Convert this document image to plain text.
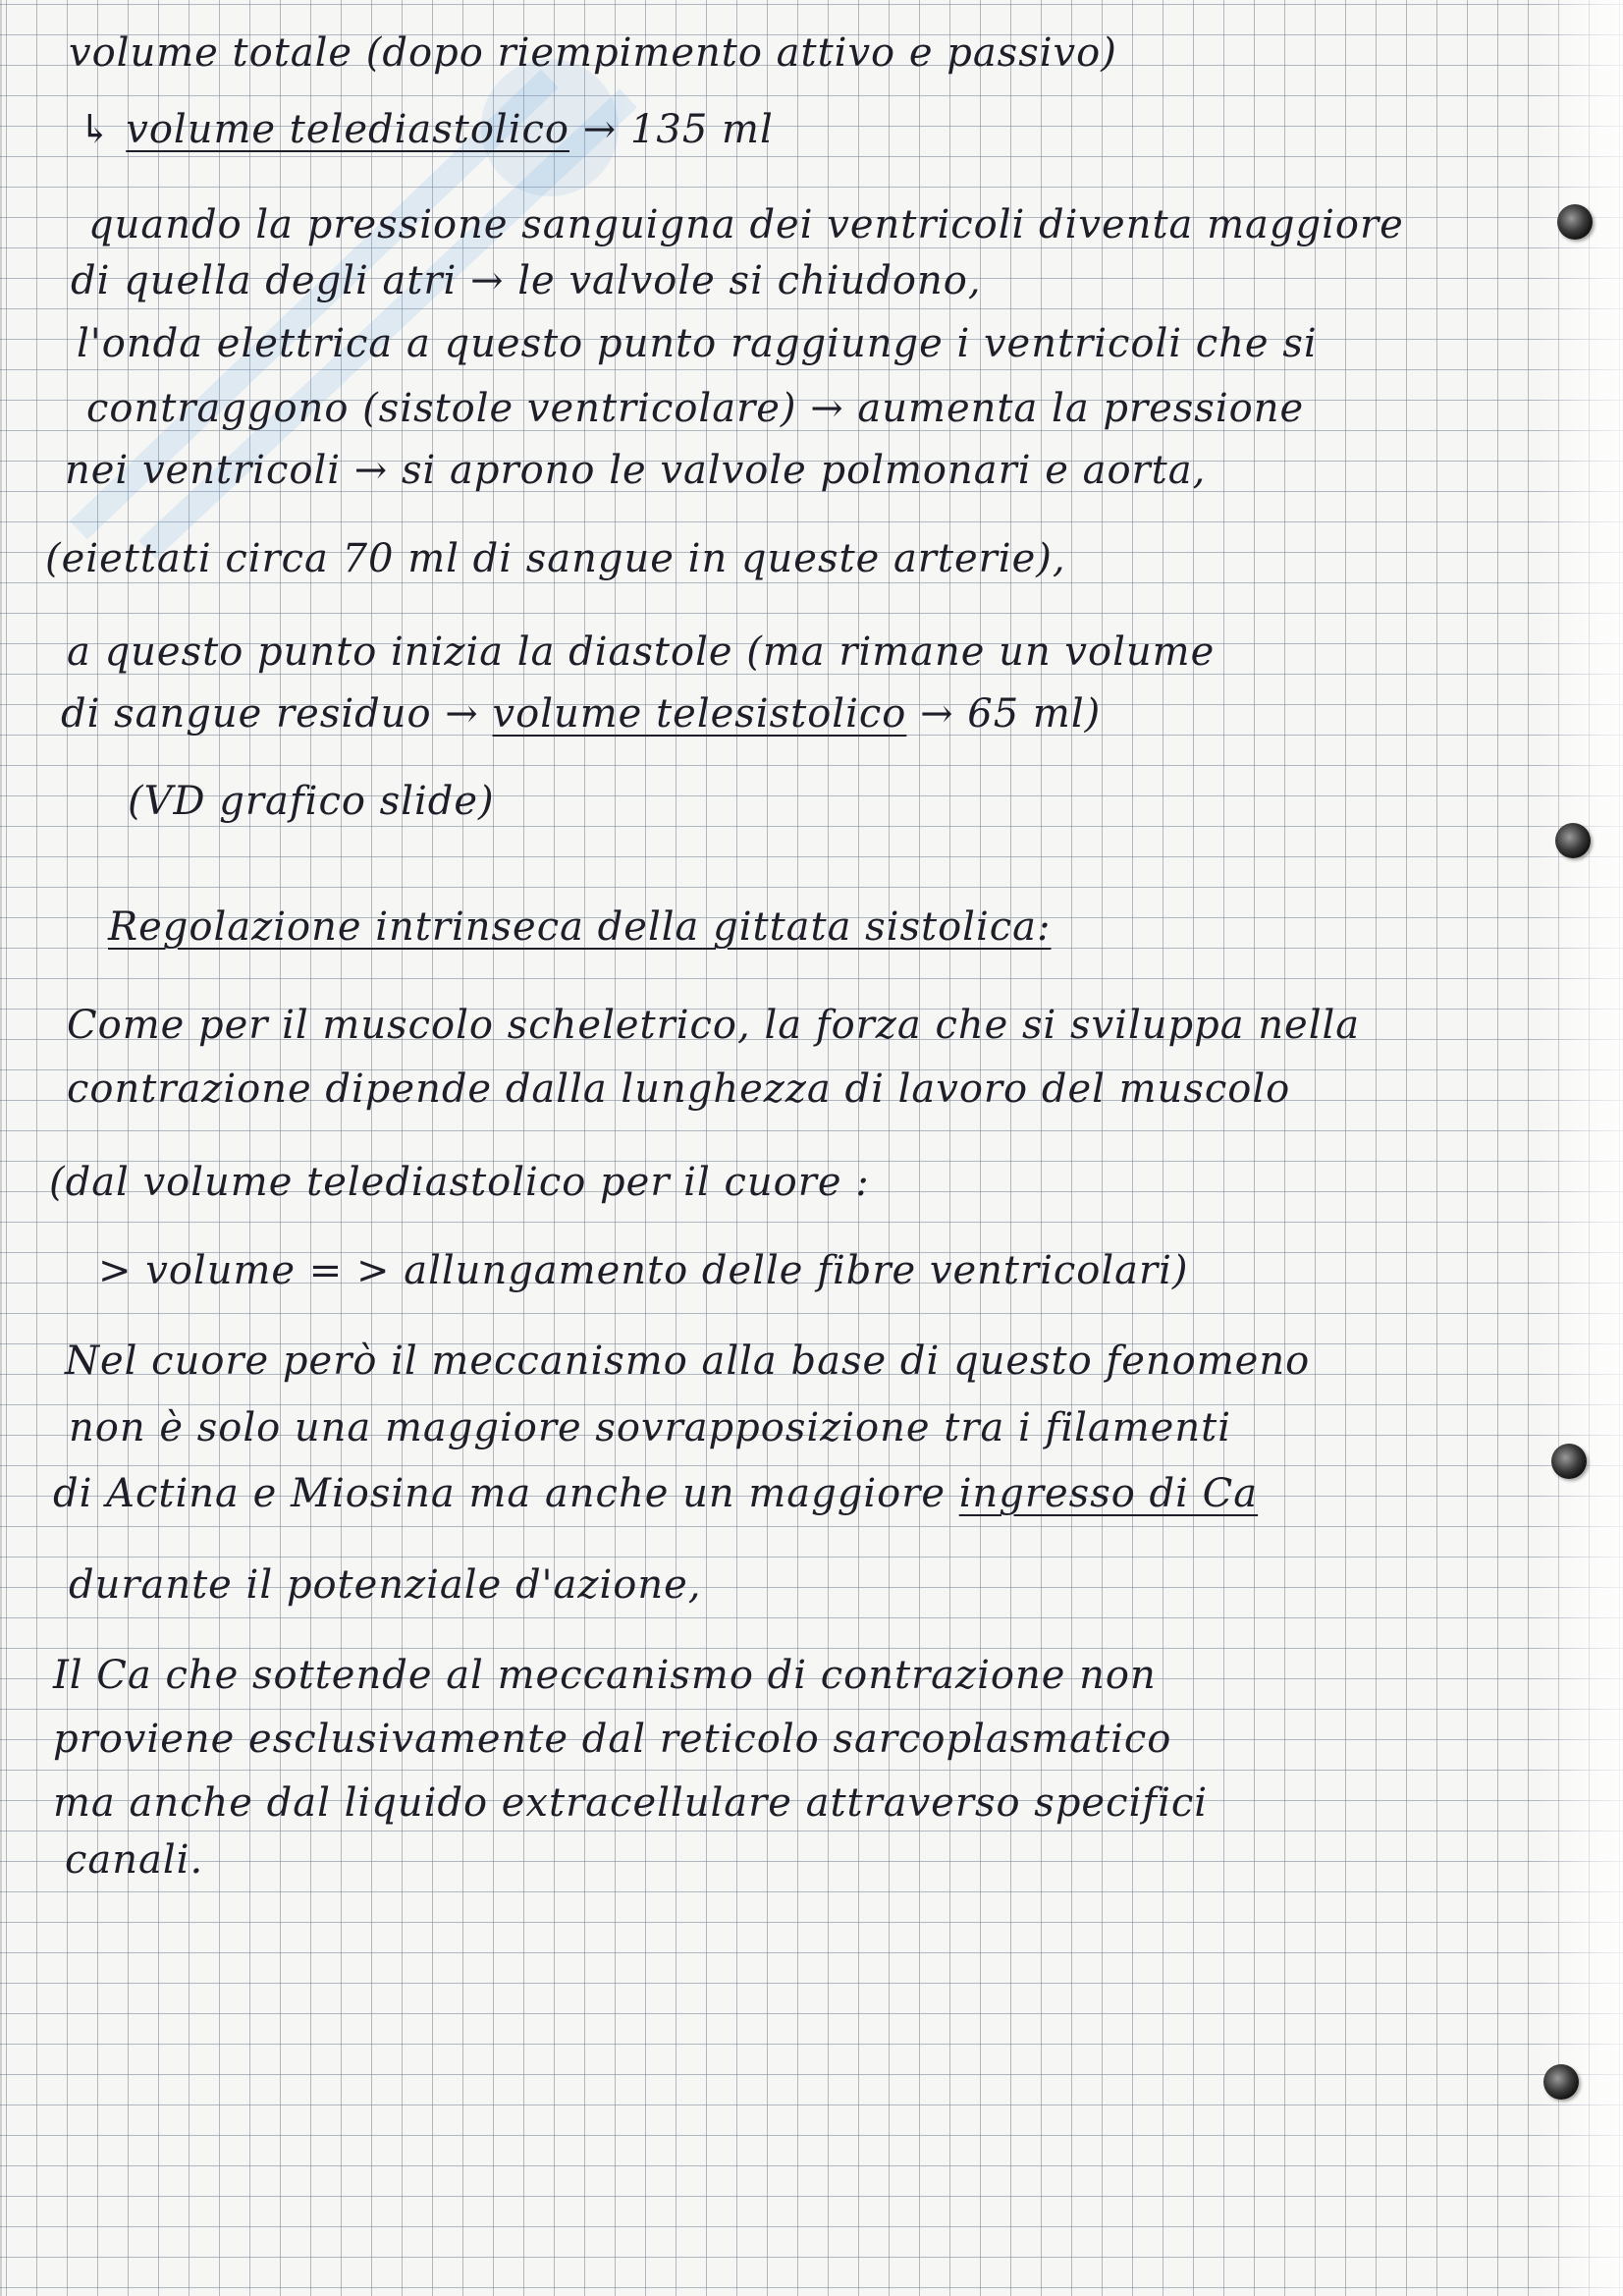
volume totale (dopo riempimento attivo e passivo)
↳ volume telediastolico → 135 ml
quando la pressione sanguigna dei ventricoli diventa maggiore
di quella degli atri → le valvole si chiudono,
l'onda elettrica a questo punto raggiunge i ventricoli che si
contraggono (sistole ventricolare) → aumenta la pressione
nei ventricoli → si aprono le valvole polmonari e aorta,
(eiettati circa 70 ml di sangue in queste arterie),
a questo punto inizia la diastole (ma rimane un volume
di sangue residuo → volume telesistolico → 65 ml)
(VD grafico slide)
Regolazione intrinseca della gittata sistolica:
Come per il muscolo scheletrico, la forza che si sviluppa nella
contrazione dipende dalla lunghezza di lavoro del muscolo
(dal volume telediastolico per il cuore :
> volume = > allungamento delle fibre ventricolari)
Nel cuore però il meccanismo alla base di questo fenomeno
non è solo una maggiore sovrapposizione tra i filamenti
di Actina e Miosina ma anche un maggiore ingresso di Ca
durante il potenziale d'azione,
Il Ca che sottende al meccanismo di contrazione non
proviene esclusivamente dal reticolo sarcoplasmatico
ma anche dal liquido extracellulare attraverso specifici
canali.
